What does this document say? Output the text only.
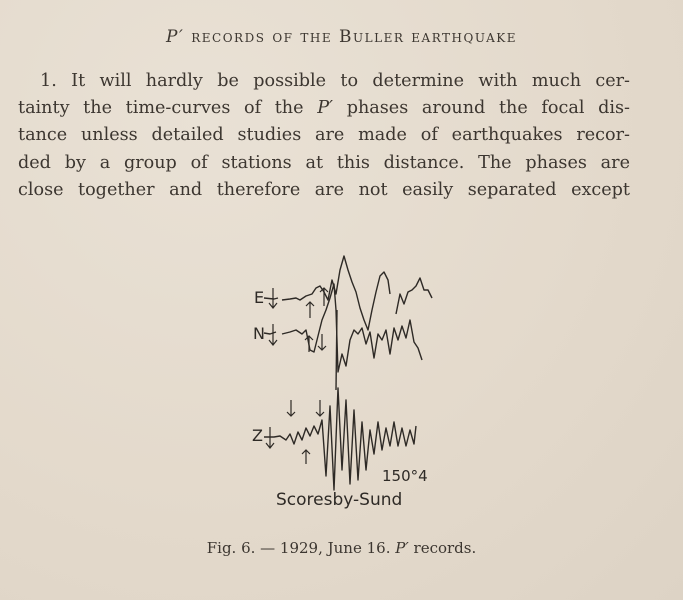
P′ records of the Buller earthquake
1. It will hardly be possible to determine with much cer-
tainty the time-curves of the P′ phases around the focal dis-
tance unless detailed studies are made of earthquakes recor-
ded by a group of stations at this distance. The phases are
close together and therefore are not easily separated except
E
N
Z
150°4
Scoresby-Sund
Fig. 6. — 1929, June 16. P′ records.
